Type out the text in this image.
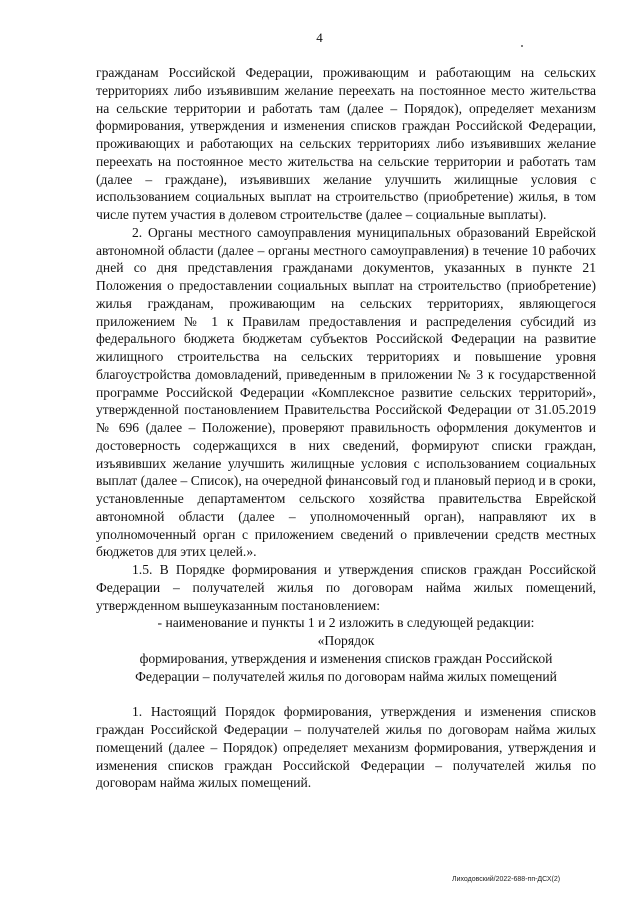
4

гражданам Российской Федерации, проживающим и работающим на сельских территориях либо изъявившим желание переехать на постоянное место жительства на сельские территории и работать там (далее – Порядок), определяет механизм формирования, утверждения и изменения списков граждан Российской Федерации, проживающих и работающих на сельских территориях либо изъявивших желание переехать на постоянное место жительства на сельские территории и работать там (далее – граждане), изъявивших желание улучшить жилищные условия с использованием социальных выплат на строительство (приобретение) жилья, в том числе путем участия в долевом строительстве (далее – социальные выплаты).

2. Органы местного самоуправления муниципальных образований Еврейской автономной области (далее – органы местного самоуправления) в течение 10 рабочих дней со дня представления гражданами документов, указанных в пункте 21 Положения о предоставлении социальных выплат на строительство (приобретение) жилья гражданам, проживающим на сельских территориях, являющегося приложением № 1 к Правилам предоставления и распределения субсидий из федерального бюджета бюджетам субъектов Российской Федерации на развитие жилищного строительства на сельских территориях и повышение уровня благоустройства домовладений, приведенным в приложении № 3 к государственной программе Российской Федерации «Комплексное развитие сельских территорий», утвержденной постановлением Правительства Российской Федерации от 31.05.2019 № 696 (далее – Положение), проверяют правильность оформления документов и достоверность содержащихся в них сведений, формируют списки граждан, изъявивших желание улучшить жилищные условия с использованием социальных выплат (далее – Список), на очередной финансовый год и плановый период и в сроки, установленные департаментом сельского хозяйства правительства Еврейской автономной области (далее – уполномоченный орган), направляют их в уполномоченный орган с приложением сведений о привлечении средств местных бюджетов для этих целей.».

1.5. В Порядке формирования и утверждения списков граждан Российской Федерации – получателей жилья по договорам найма жилых помещений, утвержденном вышеуказанным постановлением:

- наименование и пункты 1 и 2 изложить в следующей редакции:

«Порядок

формирования, утверждения и изменения списков граждан Российской

Федерации – получателей жилья по договорам найма жилых помещений

1. Настоящий Порядок формирования, утверждения и изменения списков граждан Российской Федерации – получателей жилья по договорам найма жилых помещений (далее – Порядок) определяет механизм формирования, утверждения и изменения списков граждан Российской Федерации – получателей жилья по договорам найма жилых помещений.

Лиходовский/2022-688-пп-ДСХ(2)
